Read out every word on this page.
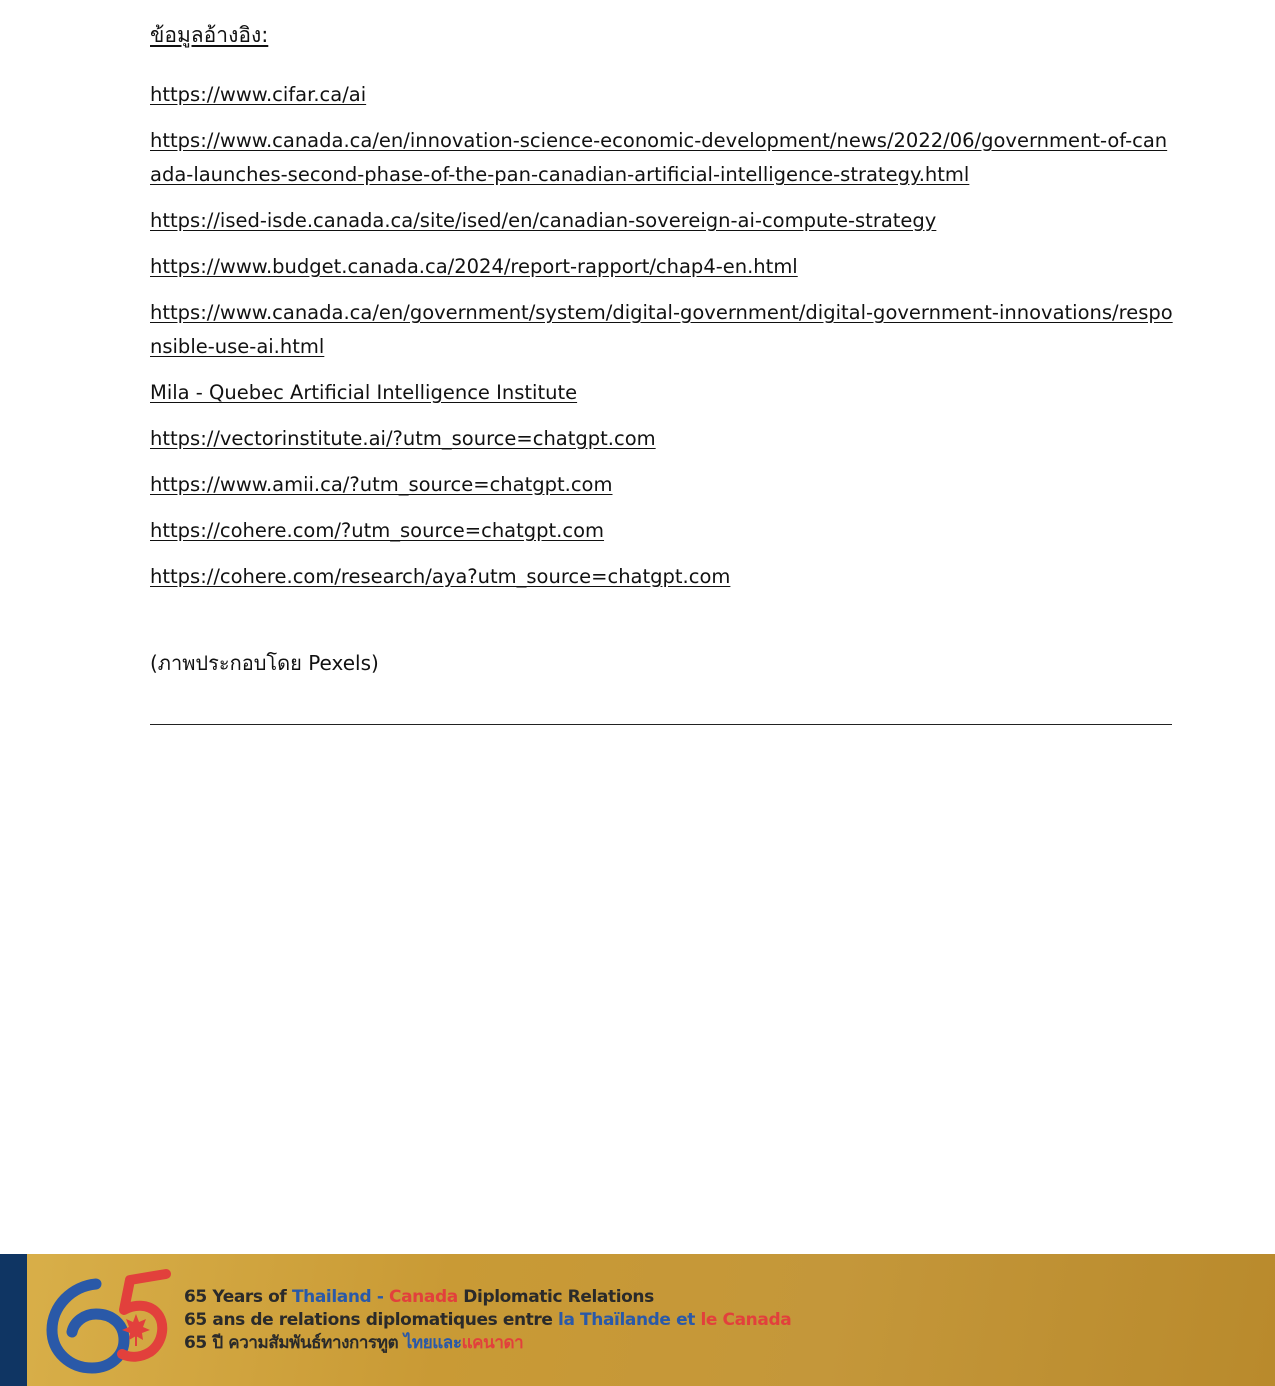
ข้อมูลอ้างอิง:
https://www.cifar.ca/ai
https://www.canada.ca/en/innovation-science-economic-development/news/2022/06/government-of-canada-launches-second-phase-of-the-pan-canadian-artificial-intelligence-strategy.html
https://ised-isde.canada.ca/site/ised/en/canadian-sovereign-ai-compute-strategy
https://www.budget.canada.ca/2024/report-rapport/chap4-en.html
https://www.canada.ca/en/government/system/digital-government/digital-government-innovations/responsible-use-ai.html
Mila - Quebec Artificial Intelligence Institute
https://vectorinstitute.ai/?utm_source=chatgpt.com
https://www.amii.ca/?utm_source=chatgpt.com
https://cohere.com/?utm_source=chatgpt.com
https://cohere.com/research/aya?utm_source=chatgpt.com

(ภาพประกอบโดย Pexels)

65 Years of Thailand - Canada Diplomatic Relations
65 ans de relations diplomatiques entre la Thaïlande et le Canada
65 ปี ความสัมพันธ์ทางการทูต ไทยและแคนาดา
